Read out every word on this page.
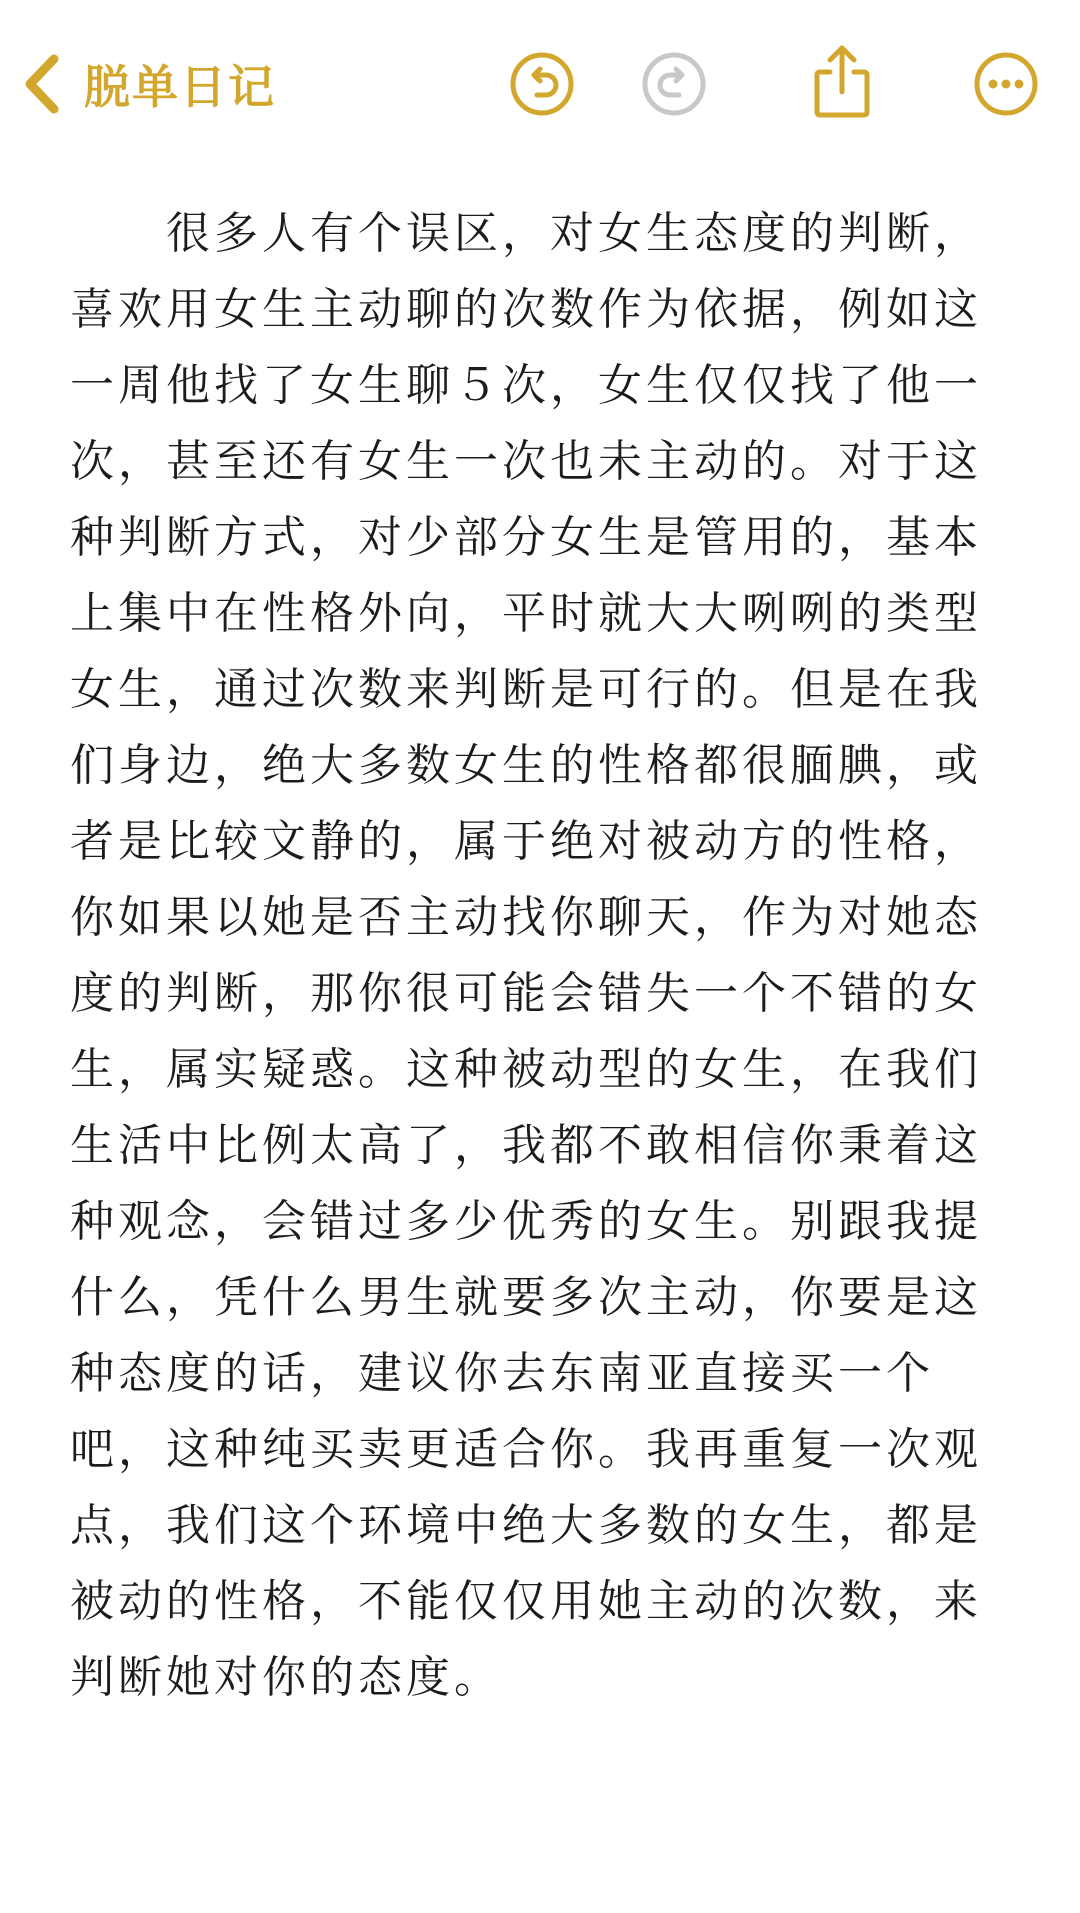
脱单日记
很多人有个误区，对女生态度的判断，喜欢用女生主动聊的次数作为依据，例如这一周他找了女生聊５次，女生仅仅找了他一次，甚至还有女生一次也未主动的。对于这种判断方式，对少部分女生是管用的，基本上集中在性格外向，平时就大大咧咧的类型女生，通过次数来判断是可行的。但是在我们身边，绝大多数女生的性格都很腼腆，或者是比较文静的，属于绝对被动方的性格，你如果以她是否主动找你聊天，作为对她态度的判断，那你很可能会错失一个不错的女生，属实疑惑。这种被动型的女生，在我们生活中比例太高了，我都不敢相信你秉着这种观念，会错过多少优秀的女生。别跟我提什么，凭什么男生就要多次主动，你要是这种态度的话，建议你去东南亚直接买一个吧，这种纯买卖更适合你。我再重复一次观点，我们这个环境中绝大多数的女生，都是被动的性格，不能仅仅用她主动的次数，来判断她对你的态度。
